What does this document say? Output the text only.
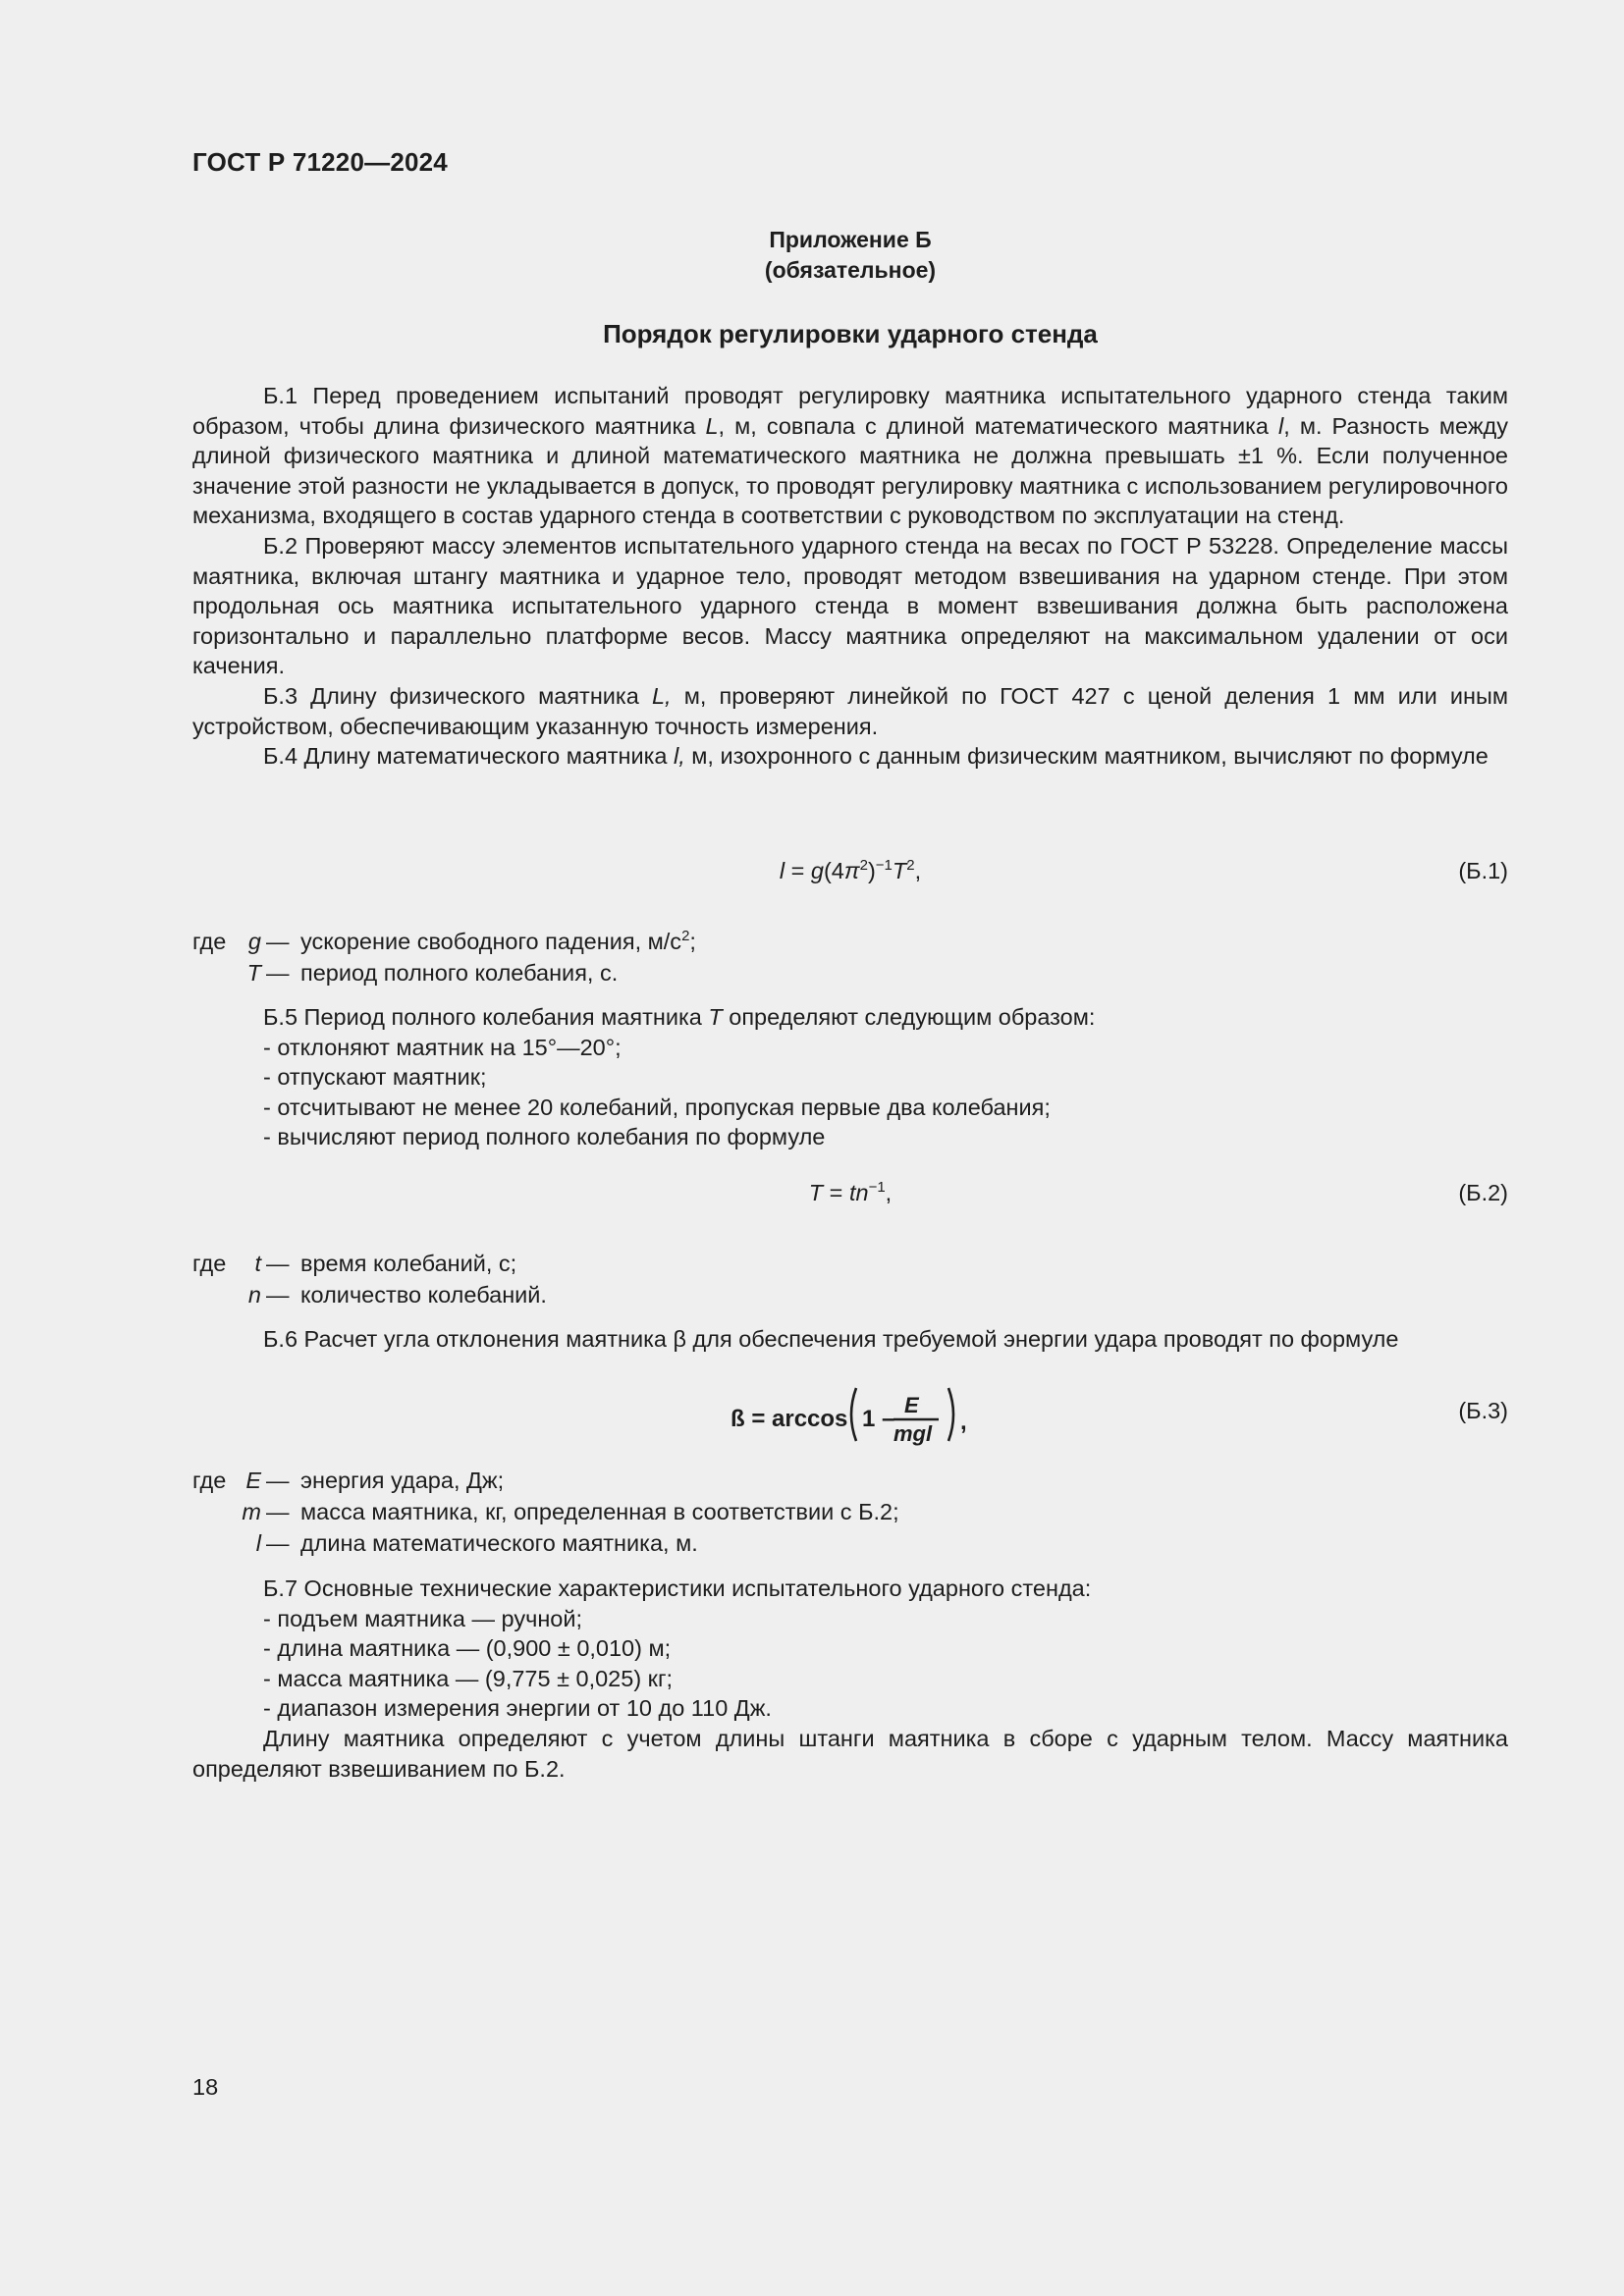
ГОСТ Р 71220—2024
Приложение Б
(обязательное)
Порядок регулировки ударного стенда

Б.1 Перед проведением испытаний проводят регулировку маятника испытательного ударного стенда таким образом, чтобы длина физического маятника L, м, совпала с длиной математического маятника l, м. Разность между длиной физического маятника и длиной математического маятника не должна превышать ±1 %. Если полученное значение этой разности не укладывается в допуск, то проводят регулировку маятника с использованием регулировочного механизма, входящего в состав ударного стенда в соответствии с руководством по эксплуатации на стенд.

Б.2 Проверяют массу элементов испытательного ударного стенда на весах по ГОСТ Р 53228. Определение массы маятника, включая штангу маятника и ударное тело, проводят методом взвешивания на ударном стенде. При этом продольная ось маятника испытательного ударного стенда в момент взвешивания должна быть расположена горизонтально и параллельно платформе весов. Массу маятника определяют на максимальном удалении от оси качения.

Б.3 Длину физического маятника L, м, проверяют линейкой по ГОСТ 427 с ценой деления 1 мм или иным устройством, обеспечивающим указанную точность измерения.

Б.4 Длину математического маятника l, м, изохронного с данным физическим маятником, вычисляют по формуле

$l = g(4\pi^2)^{-1}T^2$,	(Б.1)
где g — ускорение свободного падения, $м/с^2$;
T — период полного колебания, с.

Б.5 Период полного колебания маятника T определяют следующим образом:

- отклоняют маятник на 15°—20°;

- отпускают маятник;

- отсчитывают не менее 20 колебаний, пропуская первые два колебания;

- вычисляют период полного колебания по формуле

$T = tn^{-1}$,	(Б.2)
где	t — время колебаний, с;
n — количество колебаний.

Б.6 Расчет угла отклонения маятника β для обеспечения требуемой энергии удара проводят по формуле

ß = arccos 1 –
E
mgl ,	(Б.3)
где E — энергия удара, Дж;
m — масса маятника, кг, определенная в соответствии с Б.2;
l — длина математического маятника, м.

Б.7 Основные технические характеристики испытательного ударного стенда:

- подъем маятника — ручной;

- длина маятника — (0,900 ± 0,010) м;

- масса маятника — (9,775 ± 0,025) кг;

- диапазон измерения энергии от 10 до 110 Дж.

Длину маятника определяют с учетом длины штанги маятника в сборе с ударным телом. Массу маятника определяют взвешиванием по Б.2.

18
